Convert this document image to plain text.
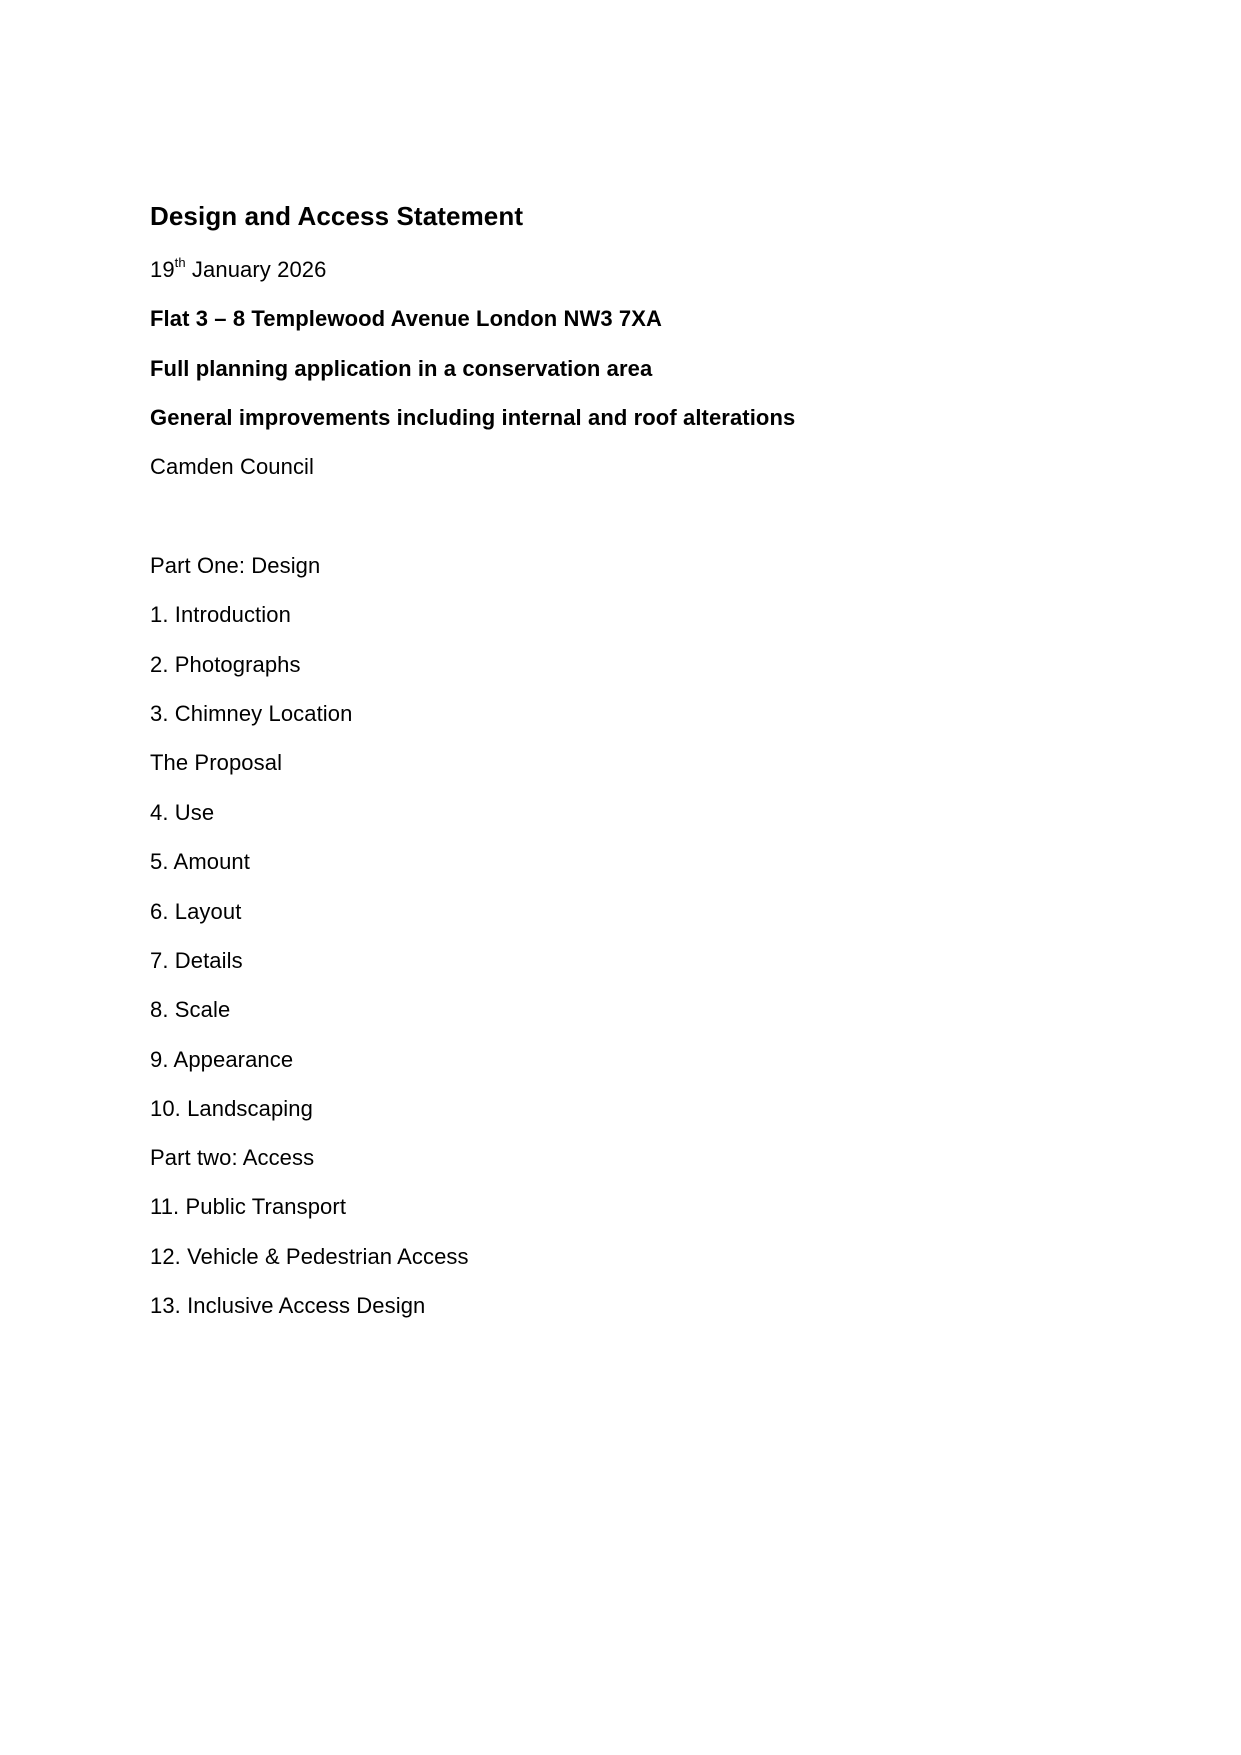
Design and Access Statement
19th January 2026
Flat 3 – 8 Templewood Avenue London NW3 7XA
Full planning application in a conservation area
General improvements including internal and roof alterations
Camden Council
Part One: Design
1. Introduction
2. Photographs
3. Chimney Location
The Proposal
4. Use
5. Amount
6. Layout
7. Details
8. Scale
9. Appearance
10. Landscaping
Part two: Access
11. Public Transport
12. Vehicle & Pedestrian Access
13. Inclusive Access Design
